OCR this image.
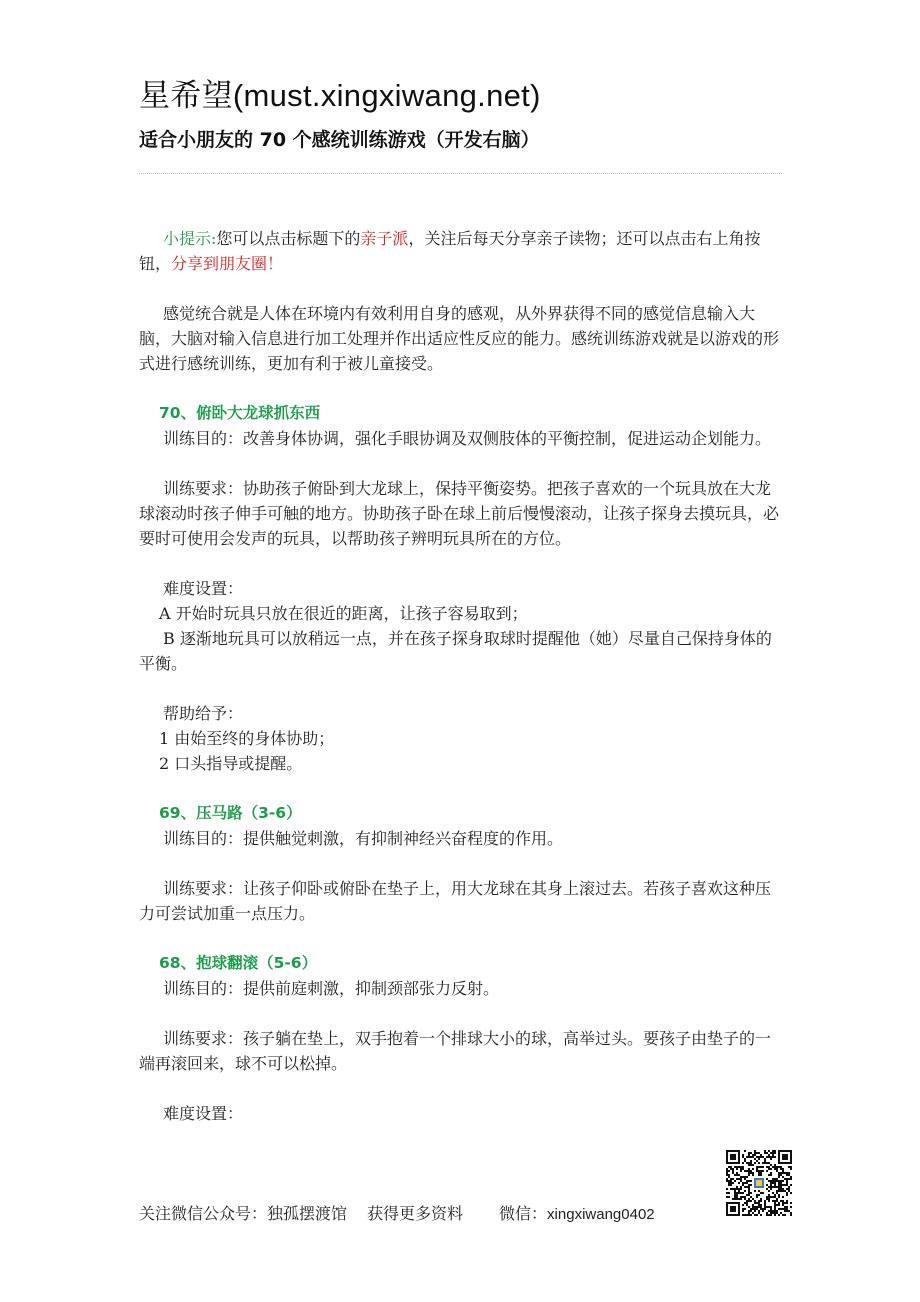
星希望(must.xingxiwang.net)
适合小朋友的 70 个感统训练游戏（开发右脑）

小提示:您可以点击标题下的亲子派，关注后每天分享亲子读物；还可以点击右上角按钮，分享到朋友圈！

感觉统合就是人体在环境内有效利用自身的感观，从外界获得不同的感觉信息输入大脑，大脑对输入信息进行加工处理并作出适应性反应的能力。感统训练游戏就是以游戏的形式进行感统训练，更加有利于被儿童接受。

70、俯卧大龙球抓东西

训练目的：改善身体协调，强化手眼协调及双侧肢体的平衡控制，促进运动企划能力。

训练要求：协助孩子俯卧到大龙球上，保持平衡姿势。把孩子喜欢的一个玩具放在大龙球滚动时孩子伸手可触的地方。协助孩子卧在球上前后慢慢滚动，让孩子探身去摸玩具，必要时可使用会发声的玩具，以帮助孩子辨明玩具所在的方位。

难度设置：

A 开始时玩具只放在很近的距离，让孩子容易取到；

B 逐渐地玩具可以放稍远一点，并在孩子探身取球时提醒他（她）尽量自己保持身体的平衡。

帮助给予：

1 由始至终的身体协助；

2 口头指导或提醒。

69、压马路（3-6）

训练目的：提供触觉刺激，有抑制神经兴奋程度的作用。

训练要求：让孩子仰卧或俯卧在垫子上，用大龙球在其身上滚过去。若孩子喜欢这种压力可尝试加重一点压力。

68、抱球翻滚（5-6）

训练目的：提供前庭刺激，抑制颈部张力反射。

训练要求：孩子躺在垫上，双手抱着一个排球大小的球，高举过头。要孩子由垫子的一端再滚回来，球不可以松掉。

难度设置：

关注微信公众号：独孤摆渡馆 获得更多资料 微信：xingxiwang0402
